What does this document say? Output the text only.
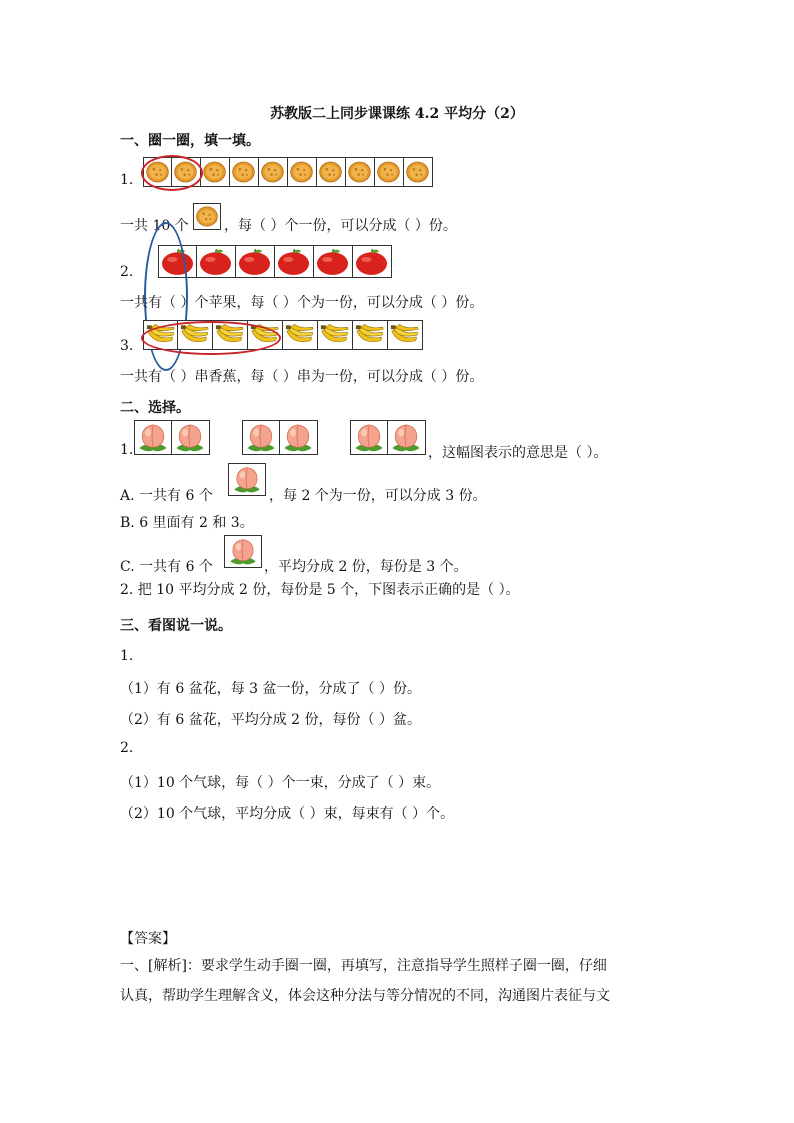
苏教版二上同步课课练 4.2 平均分（2）
一、圈一圈，填一填。
1.
一共 10 个	，每（ ）个一份，可以分成（ ）份。
2.
一共有（ ）个苹果，每（ ）个为一份，可以分成（ ）份。
3.
一共有（ ）串香蕉，每（ ）串为一份，可以分成（ ）份。
二、选择。
1.	，这幅图表示的意思是（ ）。
A. 一共有 6 个	，每 2 个为一份，可以分成 3 份。
B. 6 里面有 2 和 3。
C. 一共有 6 个	，平均分成 2 份，每份是 3 个。
2. 把 10 平均分成 2 份，每份是 5 个，下图表示正确的是（ ）。
三、看图说一说。
1.
（1）有 6 盆花，每 3 盆一份，分成了（ ）份。
（2）有 6 盆花，平均分成 2 份，每份（ ）盆。
2.
（1）10 个气球，每（ ）个一束，分成了（ ）束。
（2）10 个气球，平均分成（ ）束，每束有（ ）个。
【答案】
一、[解析]：要求学生动手圈一圈，再填写，注意指导学生照样子圈一圈，仔细
认真，帮助学生理解含义，体会这种分法与等分情况的不同，沟通图片表征与文
